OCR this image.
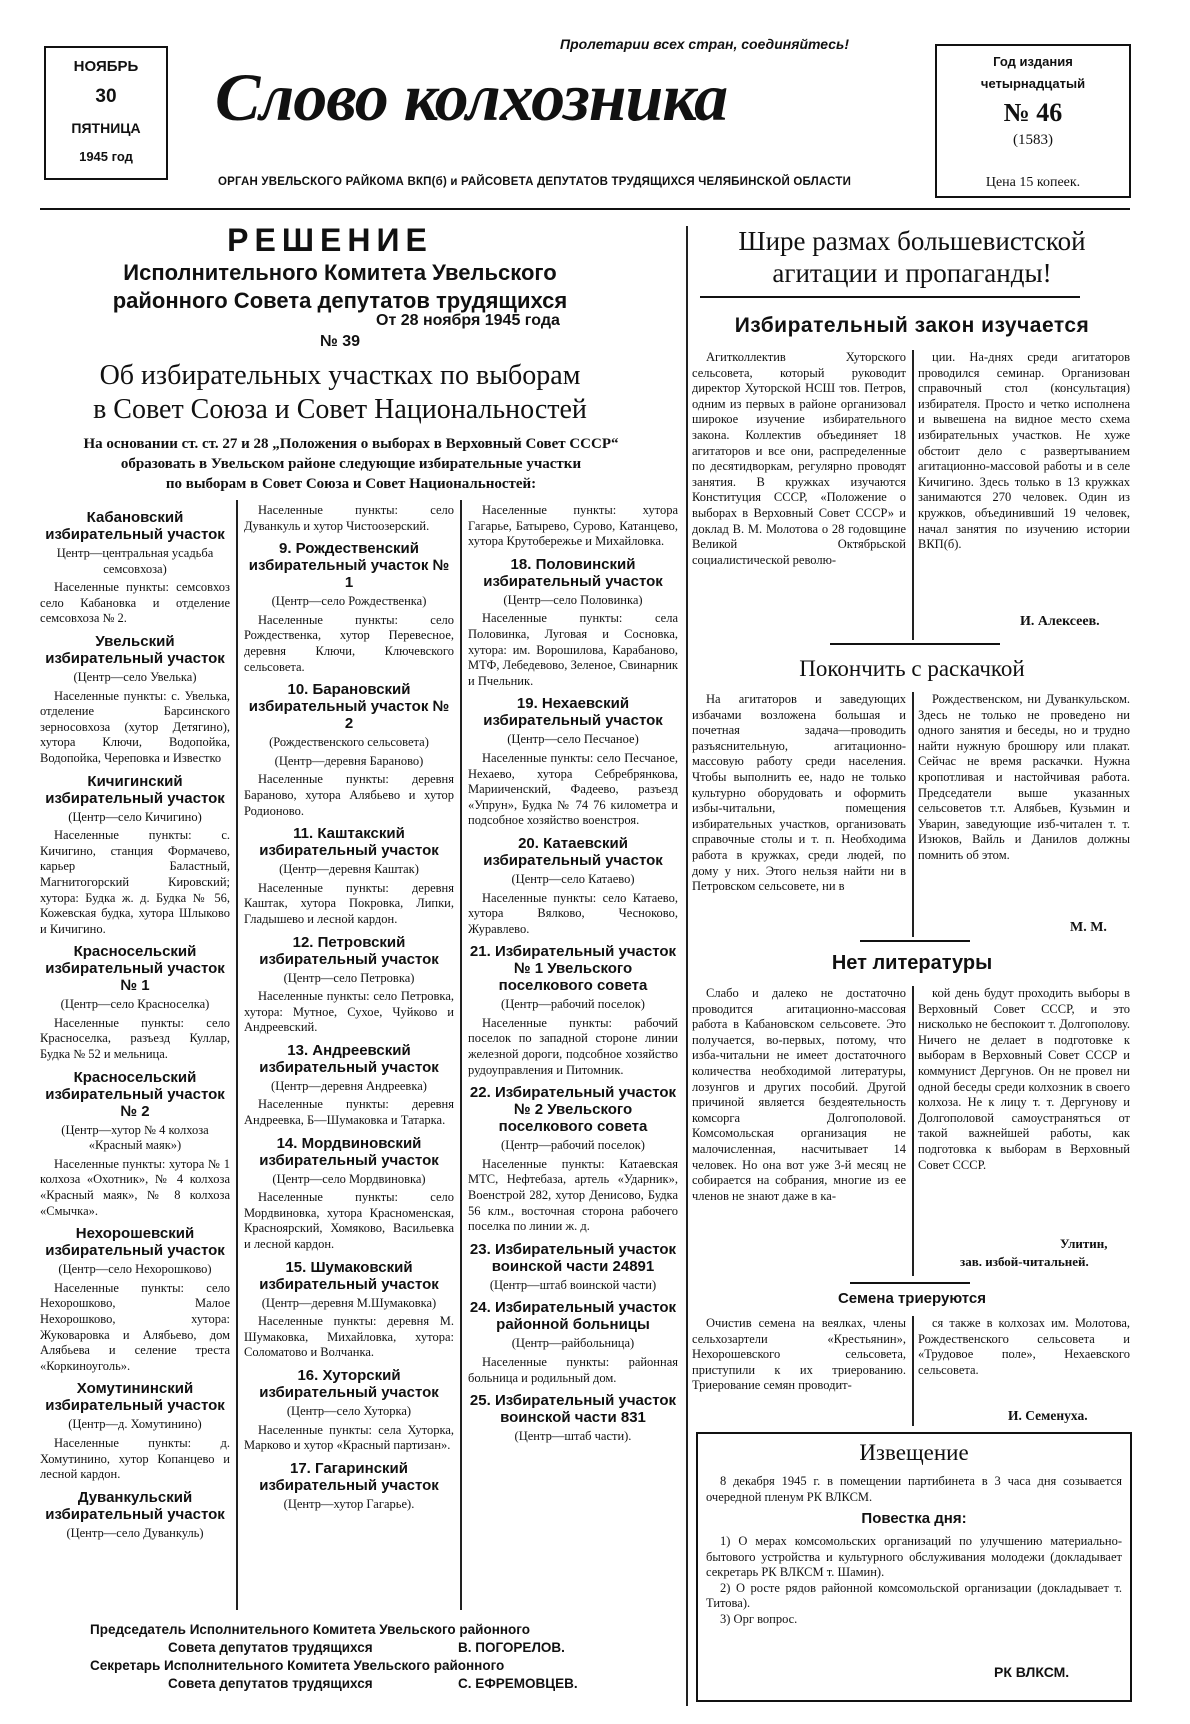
НОЯБРЬ
30
ПЯТНИЦА
1945 год
Пролетарии всех стран, соединяйтесь!
Слово колхозника
ОРГАН УВЕЛЬСКОГО РАЙКОМА ВКП(б) и РАЙСОВЕТА ДЕПУТАТОВ ТРУДЯЩИХСЯ ЧЕЛЯБИНСКОЙ ОБЛАСТИ
Год издания
четырнадцатый
№ 46
(1583)
Цена 15 копеек.
РЕШЕНИЕ
Исполнительного Комитета Увельского
районного Совета депутатов трудящихся
От 28 ноября 1945 года
№ 39
Об избирательных участках по выборам
в Совет Союза и Совет Национальностей
На основании ст. ст. 27 и 28 „Положения о выборах в Верховный Совет СССР“
образовать в Увельском районе следующие избирательные участки
по выборам в Совет Союза и Совет Национальностей:
Кабановский избирательный участок
Центр—центральная усадьба семсовхоза)
Населенные пункты: семсовхоз село Кабановка и отделение семсовхоза № 2.
Увельский избирательный участок
(Центр—село Увелька)
Населенные пункты: с. Увелька, отделение Барсинского зерносовхоза (хутор Детягино), хутора Ключи, Водопойка, Водопойка, Череповка и Известко
Кичигинский избирательный участок
(Центр—село Кичигино)
Населенные пункты: с. Кичигино, станция Формачево, карьер Баластный, Магнитогорский Кировский; хутора: Будка ж. д. Будка № 56, Кожевская будка, хутора Шлыково и Кичигино.
Красносельский избирательный участок № 1
(Центр—село Красноселка)
Населенные пункты: село Красноселка, разъезд Куллар, Будка № 52 и мельница.
Красносельский избирательный участок № 2
(Центр—хутор № 4 колхоза «Красный маяк»)
Населенные пункты: хутора № 1 колхоза «Охотник», № 4 колхоза «Красный маяк», № 8 колхоза «Смычка».
Нехорошевский избирательный участок
(Центр—село Нехорошково)
Населенные пункты: село Нехорошково, Малое Нехорошково, хутора: Жуковаровка и Алябьево, дом Алябьева и селение треста «Коркиноуголь».
Хомутининский избирательный участок
(Центр—д. Хомутинино)
Населенные пункты: д. Хомутинино, хутор Копанцево и лесной кардон.
Дуванкульский избирательный участок
(Центр—село Дуванкуль)
Населенные пункты: село Дуванкуль и хутор Чистоозерский.
9. Рождественский избирательный участок № 1
(Центр—село Рождественка)
Населенные пункты: село Рождественка, хутор Перевесное, деревня Ключи, Ключевского сельсовета.
10. Барановский избирательный участок № 2
(Рождественского сельсовета)
(Центр—деревня Бараново)
Населенные пункты: деревня Бараново, хутора Алябьево и хутор Родионово.
11. Каштакский избирательный участок
(Центр—деревня Каштак)
Населенные пункты: деревня Каштак, хутора Покровка, Липки, Гладышево и лесной кардон.
12. Петровский избирательный участок
(Центр—село Петровка)
Населенные пункты: село Петровка, хутора: Мутное, Сухое, Чуйково и Андреевский.
13. Андреевский избирательный участок
(Центр—деревня Андреевка)
Населенные пункты: деревня Андреевка, Б—Шумаковка и Татарка.
14. Мордвиновский избирательный участок
(Центр—село Мордвиновка)
Населенные пункты: село Мордвиновка, хутора Красноменская, Красноярский, Хомяково, Васильевка и лесной кардон.
15. Шумаковский избирательный участок
(Центр—деревня М.Шумаковка)
Населенные пункты: деревня М. Шумаковка, Михайловка, хутора: Соломатово и Волчанка.
16. Хуторский избирательный участок
(Центр—село Хуторка)
Населенные пункты: села Хуторка, Марково и хутор «Красный партизан».
17. Гагаринский избирательный участок
(Центр—хутор Гагарье).
Населенные пункты: хутора Гагарье, Батырево, Сурово, Катанцево, хутора Крутобережье и Михайловка.
18. Половинский избирательный участок
(Центр—село Половинка)
Населенные пункты: села Половинка, Луговая и Сосновка, хутора: им. Ворошилова, Карабаново, МТФ, Лебедевово, Зеленое, Свинарник и Пчельник.
19. Нехаевский избирательный участок
(Центр—село Песчаное)
Населенные пункты: село Песчаное, Нехаево, хутора Себребрянкова, Марииченский, Фадеево, разъезд «Упрун», Будка № 74 76 километра и подсобное хозяйство военстроя.
20. Катаевский избирательный участок
(Центр—село Катаево)
Населенные пункты: село Катаево, хутора Вялково, Чесноково, Журавлево.
21. Избирательный участок № 1 Увельского поселкового совета
(Центр—рабочий поселок)
Населенные пункты: рабочий поселок по западной стороне линии железной дороги, подсобное хозяйство рудоуправления и Питомник.
22. Избирательный участок № 2 Увельского поселкового совета
(Центр—рабочий поселок)
Населенные пункты: Катаевская МТС, Нефтебаза, артель «Ударник», Военстрой 282, хутор Денисово, Будка 56 клм., восточная сторона рабочего поселка по линии ж. д.
23. Избирательный участок воинской части 24891
(Центр—штаб воинской части)
24. Избирательный участок районной больницы
(Центр—райбольница)
Населенные пункты: районная больница и родильный дом.
25. Избирательный участок воинской части 831
(Центр—штаб части).
Председатель Исполнительного Комитета Увельского районного
Совета депутатов трудящихся	В. ПОГОРЕЛОВ.
Секретарь Исполнительного Комитета Увельского районного
Совета депутатов трудящихся	С. ЕФРЕМОВЦЕВ.
Шире размах большевистской
агитации и пропаганды!
Избирательный закон изучается

Агитколлектив Хуторского сельсовета, который руководит директор Хуторской НСШ тов. Петров, одним из первых в районе организовал широкое изучение избирательного закона. Коллектив объединяет 18 агитаторов и все они, распределенные по десятидворкам, регулярно проводят занятия. В кружках изучаются Конституция СССР, «Положение о выборах в Верховный Совет СССР» и доклад В. М. Молотова о 28 годовщине Великой Октябрьской социалистической револю-

ции. На-днях среди агитаторов проводился семинар. Организован справочный стол (консультация) избирателя. Просто и четко исполнена и вывешена на видное место схема избирательных участков. Не хуже обстоит дело с развертыванием агитационно-массовой работы и в селе Кичигино. Здесь только в 13 кружках занимаются 270 человек. Один из кружков, объединивший 19 человек, начал занятия по изучению истории ВКП(б).

И. Алексеев.
Покончить с раскачкой

На агитаторов и заведующих избачами возложена большая и почетная задача—проводить разъяснительную, агитационно-массовую работу среди населения. Чтобы выполнить ее, надо не только культурно оборудовать и оформить избы-читальни, помещения избирательных участков, организовать справочные столы и т. п. Необходима работа в кружках, среди людей, по дому у них. Этого нельзя найти ни в Петровском сельсовете, ни в

Рождественском, ни Дуванкульском. Здесь не только не проведено ни одного занятия и беседы, но и трудно найти нужную брошюру или плакат. Сейчас не время раскачки. Нужна кропотливая и настойчивая работа. Председатели выше указанных сельсоветов т.т. Алябьев, Кузьмин и Уварин, заведующие изб-читален т. т. Изюков, Вайль и Данилов должны помнить об этом.

М. М.
Нет литературы

Слабо и далеко не достаточно проводится агитационно-массовая работа в Кабановском сельсовете. Это получается, во-первых, потому, что изба-читальни не имеет достаточного количества необходимой литературы, лозунгов и других пособий. Другой причиной является бездеятельность комсорга Долгополовой. Комсомольская организация не малочисленная, насчитывает 14 человек. Но она вот уже 3-й месяц не собирается на собрания, многие из ее членов не знают даже в ка-

кой день будут проходить выборы в Верховный Совет СССР, и это нисколько не беспокоит т. Долгополову. Ничего не делает в подготовке к выборам в Верховный Совет СССР и коммунист Дергунов. Он не провел ни одной беседы среди колхозник в своего колхоза. Не к лицу т. т. Дергунову и Долгополовой самоустраняться от такой важнейшей работы, как подготовка к выборам в Верховный Совет СССР.

Улитин,
зав. избой-читальней.
Семена триеруются

Очистив семена на веялках, члены сельхозартели «Крестьянин», Нехорошевского сельсовета, приступили к их триерованию. Триерование семян проводит-

ся также в колхозах им. Молотова, Рождественского сельсовета и «Трудовое поле», Нехаевского сельсовета.

И. Семенуха.
Извещение

8 декабря 1945 г. в помещении партибинета в 3 часа дня созывается очередной пленум РК ВЛКСМ.

Повестка дня:

1) О мерах комсомольских организаций по улучшению материально-бытового устройства и культурного обслуживания молодежи (докладывает секретарь РК ВЛКСМ т. Шамин).

2) О росте рядов районной комсомольской организации (докладывает т. Титова).

3) Орг вопрос.

РК ВЛКСМ.
